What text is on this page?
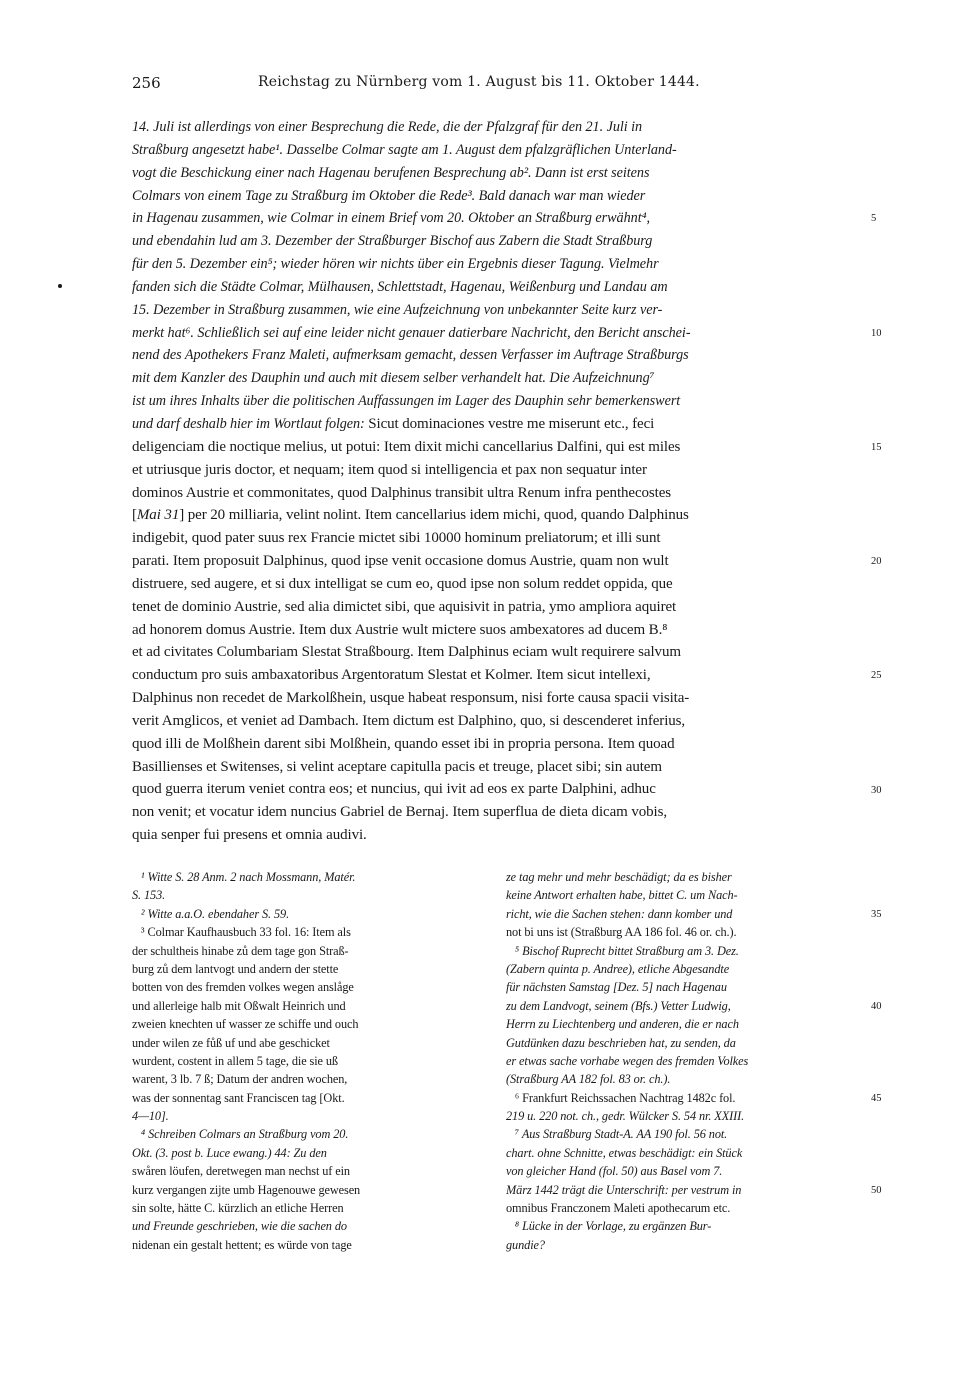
256	Reichstag zu Nürnberg vom 1. August bis 11. Oktober 1444.
14. Juli ist allerdings von einer Besprechung die Rede, die der Pfalzgraf für den 21. Juli in
Straßburg angesetzt habe¹. Dasselbe Colmar sagte am 1. August dem pfalzgräflichen Unterland-
vogt die Beschickung einer nach Hagenau berufenen Besprechung ab². Dann ist erst seitens
Colmars von einem Tage zu Straßburg im Oktober die Rede³. Bald danach war man wieder
in Hagenau zusammen, wie Colmar in einem Brief vom 20. Oktober an Straßburg erwähnt⁴,
und ebendahin lud am 3. Dezember der Straßburger Bischof aus Zabern die Stadt Straßburg
für den 5. Dezember ein⁵; wieder hören wir nichts über ein Ergebnis dieser Tagung. Vielmehr
fanden sich die Städte Colmar, Mülhausen, Schlettstadt, Hagenau, Weißenburg und Landau am
15. Dezember in Straßburg zusammen, wie eine Aufzeichnung von unbekannter Seite kurz ver-
merkt hat⁶. Schließlich sei auf eine leider nicht genauer datierbare Nachricht, den Bericht anschei-
nend des Apothekers Franz Maleti, aufmerksam gemacht, dessen Verfasser im Auftrage Straßburgs
mit dem Kanzler des Dauphin und auch mit diesem selber verhandelt hat. Die Aufzeichnung⁷
ist um ihres Inhalts über die politischen Auffassungen im Lager des Dauphin sehr bemerkenswert
und darf deshalb hier im Wortlaut folgen: Sicut dominaciones vestre me miserunt etc., feci
deligenciam die noctique melius, ut potui: Item dixit michi cancellarius Dalfini, qui est miles
et utriusque juris doctor, et nequam; item quod si intelligencia et pax non sequatur inter
dominos Austrie et commonitates, quod Dalphinus transibit ultra Renum infra penthecostes
[Mai 31] per 20 milliaria, velint nolint. Item cancellarius idem michi, quod, quando Dalphinus
indigebit, quod pater suus rex Francie mictet sibi 10000 hominum preliatorum; et illi sunt
parati. Item proposuit Dalphinus, quod ipse venit occasione domus Austrie, quam non wult
distruere, sed augere, et si dux intelligat se cum eo, quod ipse non solum reddet oppida, que
tenet de dominio Austrie, sed alia dimictet sibi, que aquisivit in patria, ymo ampliora aquiret
ad honorem domus Austrie. Item dux Austrie wult mictere suos ambexatores ad ducem B.⁸
et ad civitates Columbariam Slestat Straßbourg. Item Dalphinus eciam wult requirere salvum
conductum pro suis ambaxatoribus Argentoratum Slestat et Kolmer. Item sicut intellexi,
Dalphinus non recedet de Markolßhein, usque habeat responsum, nisi forte causa spacii visita-
verit Amglicos, et veniet ad Dambach. Item dictum est Dalphino, quo, si descenderet inferius,
quod illi de Molßhein darent sibi Molßhein, quando esset ibi in propria persona. Item quoad
Basillienses et Switenses, si velint aceptare capitulla pacis et treuge, placet sibi; sin autem
quod guerra iterum veniet contra eos; et nuncius, qui ivit ad eos ex parte Dalphini, adhuc
non venit; et vocatur idem nuncius Gabriel de Bernaj. Item superflua de dieta dicam vobis,
quia senper fui presens et omnia audivi.
5
10
15
20
25
30
¹ Witte S. 28 Anm. 2 nach Mossmann, Matér.
S. 153.
² Witte a.a.O. ebendaher S. 59.
³ Colmar Kaufhausbuch 33 fol. 16: Item als
der schultheis hinabe zů dem tage gon Straß-
burg zů dem lantvogt und andern der stette
botten von des fremden volkes wegen anslåge
und allerleige halb mit Oßwalt Heinrich und
zweien knechten uf wasser ze schiffe und ouch
under wilen ze fůß uf und abe geschicket
wurdent, costent in allem 5 tage, die sie uß
warent, 3 lb. 7 ß; Datum der andren wochen,
was der sonnentag sant Franciscen tag [Okt.
4—10].
⁴ Schreiben Colmars an Straßburg vom 20.
Okt. (3. post b. Luce ewang.) 44: Zu den
swåren löufen, deretwegen man nechst uf ein
kurz vergangen zijte umb Hagenouwe gewesen
sin solte, hätte C. kürzlich an etliche Herren
und Freunde geschrieben, wie die sachen do
nidenan ein gestalt hettent; es würde von tage
ze tag mehr und mehr beschädigt; da es bisher
keine Antwort erhalten habe, bittet C. um Nach-
richt, wie die Sachen stehen: dann komber und
not bi uns ist (Straßburg AA 186 fol. 46 or. ch.).
⁵ Bischof Ruprecht bittet Straßburg am 3. Dez.
(Zabern quinta p. Andree), etliche Abgesandte
für nächsten Samstag [Dez. 5] nach Hagenau
zu dem Landvogt, seinem (Bfs.) Vetter Ludwig,
Herrn zu Liechtenberg und anderen, die er nach
Gutdünken dazu beschrieben hat, zu senden, da
er etwas sache vorhabe wegen des fremden Volkes
(Straßburg AA 182 fol. 83 or. ch.).
⁶ Frankfurt Reichssachen Nachtrag 1482c fol.
219 u. 220 not. ch., gedr. Wülcker S. 54 nr. XXIII.
⁷ Aus Straßburg Stadt-A. AA 190 fol. 56 not.
chart. ohne Schnitte, etwas beschädigt: ein Stück
von gleicher Hand (fol. 50) aus Basel vom 7.
März 1442 trägt die Unterschrift: per vestrum in
omnibus Franczonem Maleti apothecarum etc.
⁸ Lücke in der Vorlage, zu ergänzen Bur-
gundie?
35
40
45
50
